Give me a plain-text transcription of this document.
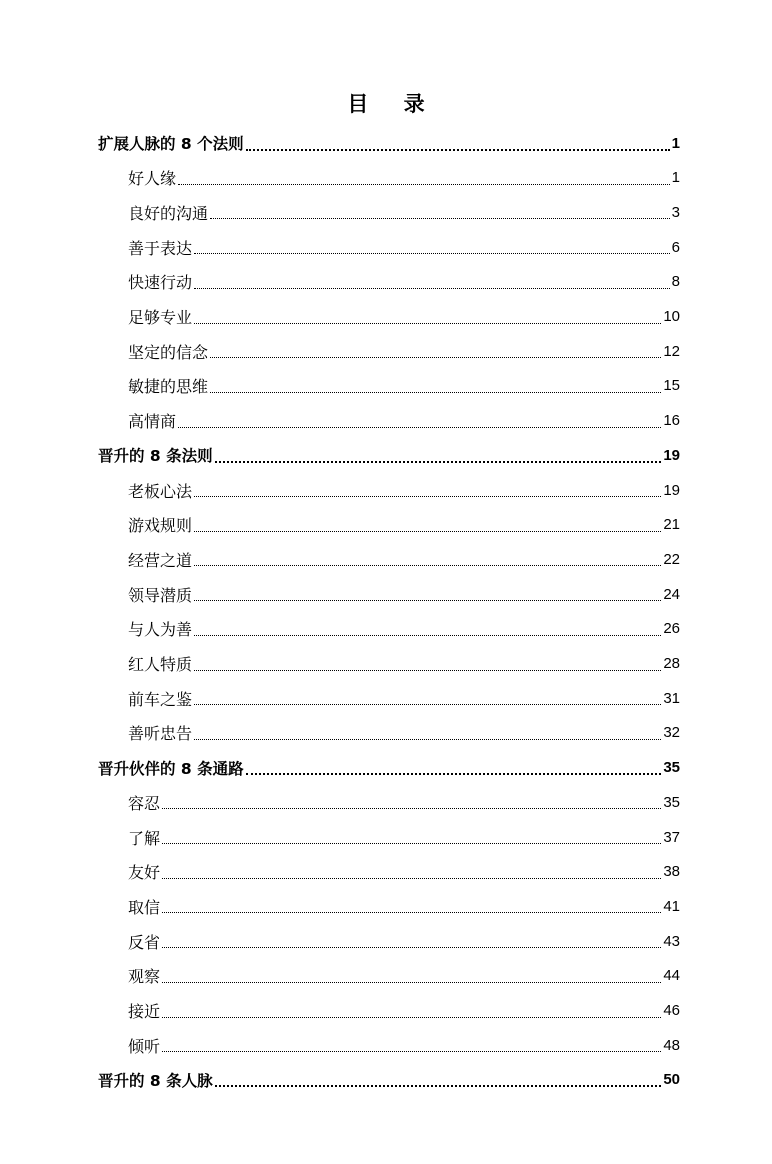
目 录
扩展人脉的 8 个法则	1
好人缘	1
良好的沟通	3
善于表达	6
快速行动	8
足够专业	10
坚定的信念	12
敏捷的思维	15
高情商	16
晋升的 8 条法则	19
老板心法	19
游戏规则	21
经营之道	22
领导潜质	24
与人为善	26
红人特质	28
前车之鉴	31
善听忠告	32
晋升伙伴的 8 条通路	35
容忍	35
了解	37
友好	38
取信	41
反省	43
观察	44
接近	46
倾听	48
晋升的 8 条人脉	50
